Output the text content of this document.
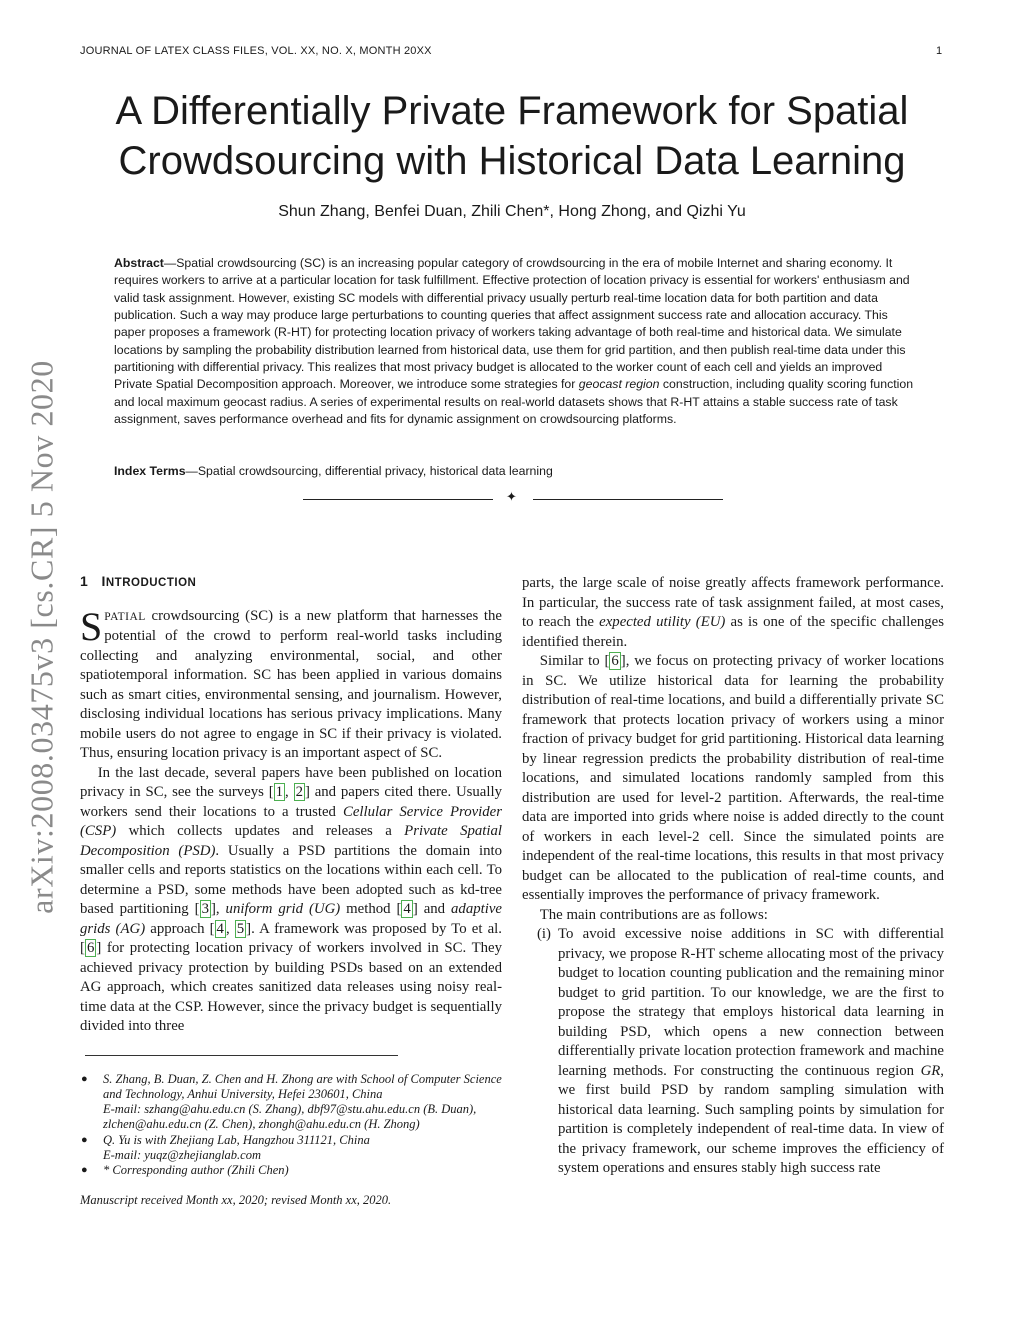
JOURNAL OF LATEX CLASS FILES, VOL. XX, NO. X, MONTH 20XX	1
A Differentially Private Framework for Spatial Crowdsourcing with Historical Data Learning
Shun Zhang, Benfei Duan, Zhili Chen*, Hong Zhong, and Qizhi Yu

Abstract—Spatial crowdsourcing (SC) is an increasing popular category of crowdsourcing in the era of mobile Internet and sharing economy. It requires workers to arrive at a particular location for task fulfillment. Effective protection of location privacy is essential for workers' enthusiasm and valid task assignment. However, existing SC models with differential privacy usually perturb real-time location data for both partition and data publication. Such a way may produce large perturbations to counting queries that affect assignment success rate and allocation accuracy. This paper proposes a framework (R-HT) for protecting location privacy of workers taking advantage of both real-time and historical data. We simulate locations by sampling the probability distribution learned from historical data, use them for grid partition, and then publish real-time data under this partitioning with differential privacy. This realizes that most privacy budget is allocated to the worker count of each cell and yields an improved Private Spatial Decomposition approach. Moreover, we introduce some strategies for geocast region construction, including quality scoring function and local maximum geocast radius. A series of experimental results on real-world datasets shows that R-HT attains a stable success rate of task assignment, saves performance overhead and fits for dynamic assignment on crowdsourcing platforms.

Index Terms—Spatial crowdsourcing, differential privacy, historical data learning

✦
arXiv:2008.03475v3 [cs.CR] 5 Nov 2020 1 INTRODUCTION

SPATIAL crowdsourcing (SC) is a new platform that harnesses the potential of the crowd to perform real-world tasks including collecting and analyzing environmental, social, and other spatiotemporal information. SC has been applied in various domains such as smart cities, environmental sensing, and journalism. However, disclosing individual locations has serious privacy implications. Many mobile users do not agree to engage in SC if their privacy is violated. Thus, ensuring location privacy is an important aspect of SC.

In the last decade, several papers have been published on location privacy in SC, see the surveys [ 1 , 2 ] and papers cited there. Usually workers send their locations to a trusted Cellular Service Provider (CSP) which collects updates and releases a Private Spatial Decomposition (PSD). Usually a PSD partitions the domain into smaller cells and reports statistics on the locations within each cell. To determine a PSD, some methods have been adopted such as kd-tree based partitioning [ 3 ], uniform grid (UG) method [ 4 ] and adaptive grids (AG) approach [ 4 , 5 ]. A framework was proposed by To et al. [ 6 ] for protecting location privacy of workers involved in SC. They achieved privacy protection by building PSDs based on an extended AG approach, which creates sanitized data releases using noisy real-time data at the CSP. However, since the privacy budget is sequentially divided into three

● S. Zhang, B. Duan, Z. Chen and H. Zhong are with School of Computer Science and Technology, Anhui University, Hefei 230601, China
E-mail: szhang@ahu.edu.cn (S. Zhang), dbf97@stu.ahu.edu.cn (B. Duan), zlchen@ahu.edu.cn (Z. Chen), zhongh@ahu.edu.cn (H. Zhong)
● Q. Yu is with Zhejiang Lab, Hangzhou 311121, China
E-mail: yuqz@zhejianglab.com
● * Corresponding author (Zhili Chen)
Manuscript received Month xx, 2020; revised Month xx, 2020.

parts, the large scale of noise greatly affects framework performance. In particular, the success rate of task assignment failed, at most cases, to reach the expected utility (EU) as is one of the specific challenges identified therein.

Similar to [ 6 ], we focus on protecting privacy of worker locations in SC. We utilize historical data for learning the probability distribution of real-time locations, and build a differentially private SC framework that protects location privacy of workers using a minor fraction of privacy budget for grid partitioning. Historical data learning by linear regression predicts the probability distribution of real-time locations, and simulated locations randomly sampled from this distribution are used for level-2 partition. Afterwards, the real-time data are imported into grids where noise is added directly to the count of workers in each level-2 cell. Since the simulated points are independent of the real-time locations, this results in that most privacy budget can be allocated to the publication of real-time counts, and essentially improves the performance of privacy framework.

The main contributions are as follows:

(i) To avoid excessive noise additions in SC with differential privacy, we propose R-HT scheme allocating most of the privacy budget to location counting publication and the remaining minor budget to grid partition. To our knowledge, we are the first to propose the strategy that employs historical data learning in building PSD, which opens a new connection between differentially private location protection framework and machine learning methods. For constructing the continuous region GR, we first build PSD by random sampling simulation with historical data learning. Such sampling points by simulation for partition is completely independent of real-time data. In view of the privacy framework, our scheme improves the efficiency of system operations and ensures stably high success rate
